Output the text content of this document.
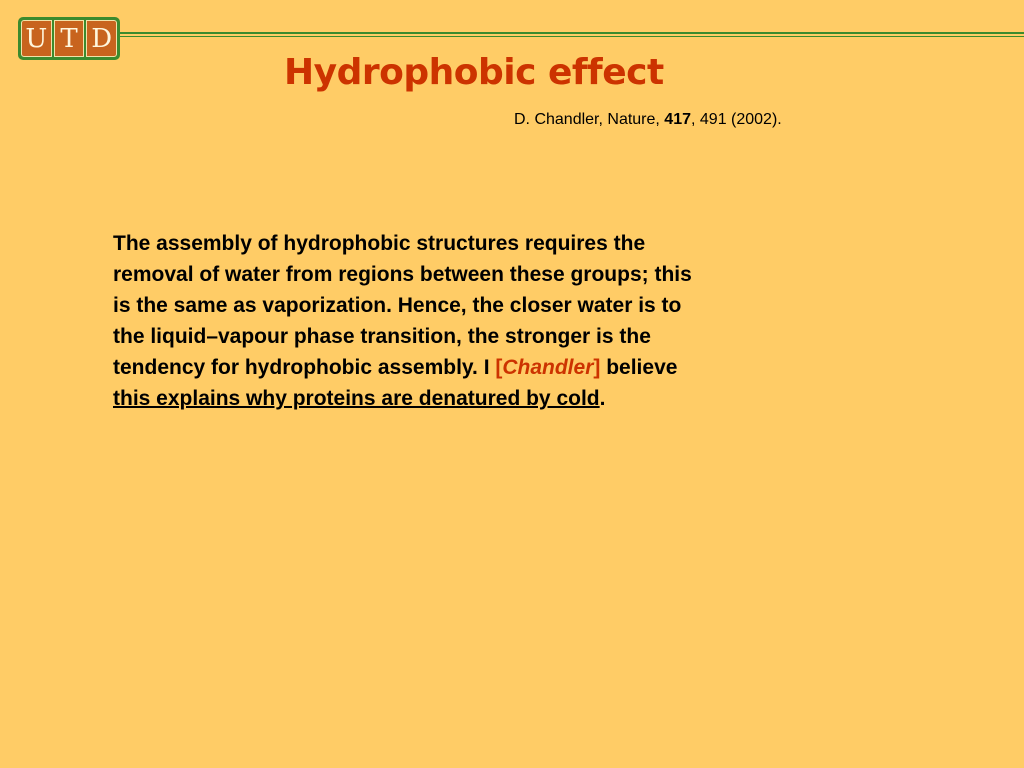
U T D
Hydrophobic effect
D. Chandler, Nature, 417, 491 (2002).

The assembly of hydrophobic structures requires the
removal of water from regions between these groups; this
is the same as vaporization. Hence, the closer water is to
the liquid–vapour phase transition, the stronger is the
tendency for hydrophobic assembly. I [Chandler] believe
this explains why proteins are denatured by cold.
